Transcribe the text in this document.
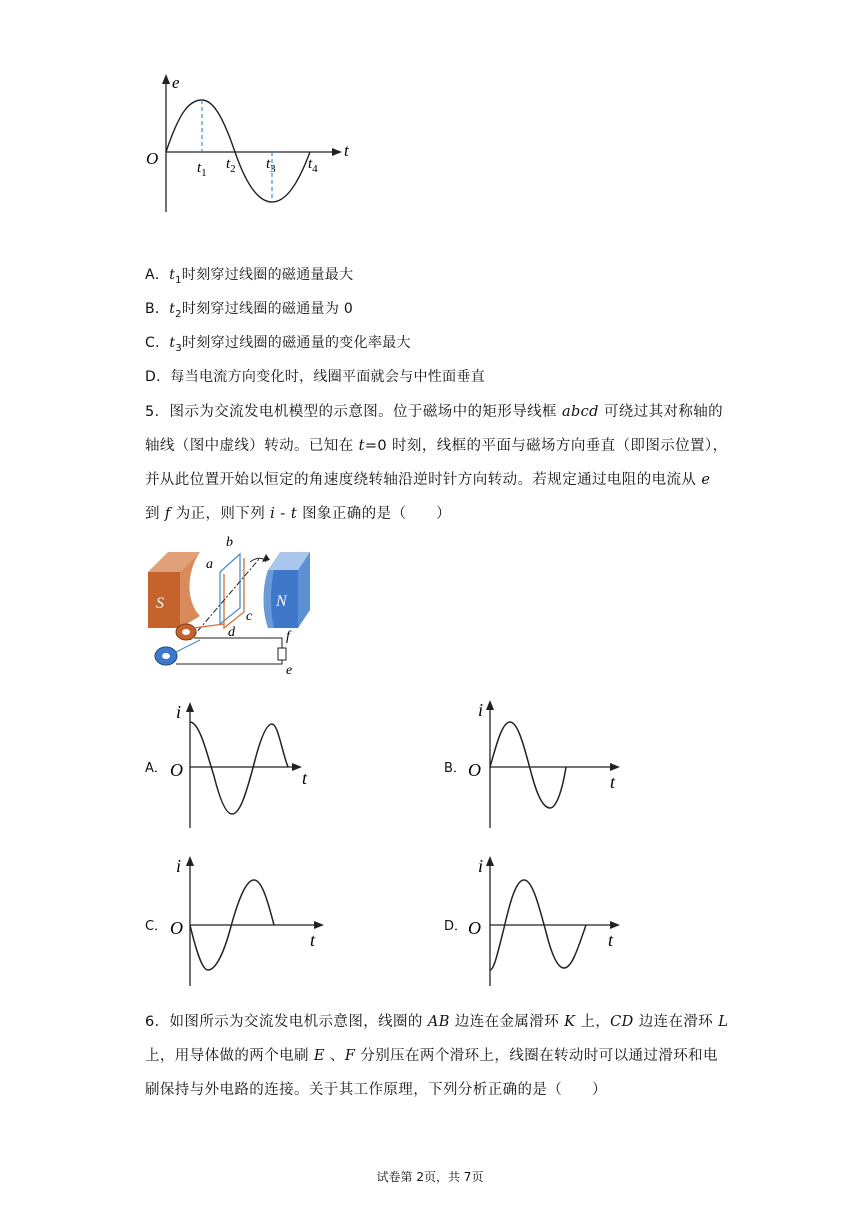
e
t
O	$t_1$
$t_2$ $t_3$ $t_4$
A．$t_1$时刻穿过线圈的磁通量最大
B．$t_2$时刻穿过线圈的磁通量为 0
C．$t_3$时刻穿过线圈的磁通量的变化率最大
D．每当电流方向变化时，线圈平面就会与中性面垂直
5．图示为交流发电机模型的示意图。位于磁场中的矩形导线框 abcd 可绕过其对称轴的
轴线（图中虚线）转动。已知在 t=0 时刻，线框的平面与磁场方向垂直（即图示位置），
并从此位置开始以恒定的角速度绕转轴沿逆时针方向转动。若规定通过电阻的电流从 e
到 f 为正，则下列 i - t 图象正确的是（　　）
S	N
b
a
c
d	f
e
A．
i
t
O	B．
i
t
O
C．
i
t
O	D．
i
t
O
6．如图所示为交流发电机示意图，线圈的 AB 边连在金属滑环 K 上，CD 边连在滑环 L
上，用导体做的两个电刷 E 、F 分别压在两个滑环上，线圈在转动时可以通过滑环和电
刷保持与外电路的连接。关于其工作原理，下列分析正确的是（　　）
试卷第 2页，共 7页
